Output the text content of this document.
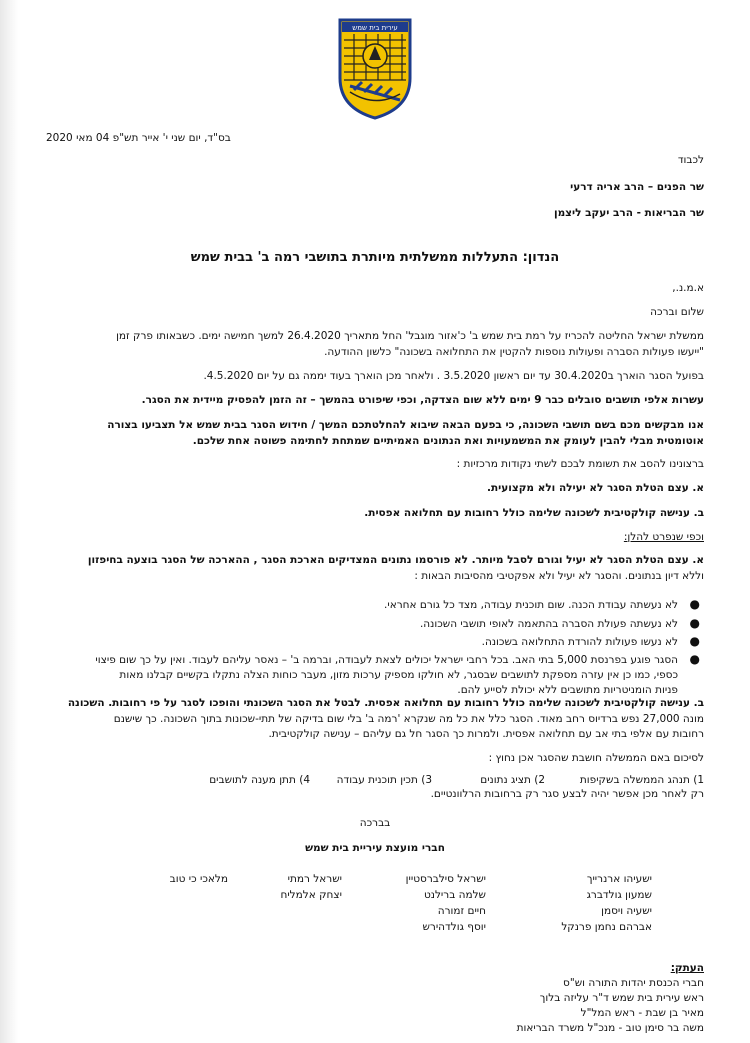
עירית בית שמש
בס"ד, יום שני י' אייר תש"פ 04 מאי 2020
לכבוד
שר הפנים – הרב אריה דרעי
שר הבריאות - הרב יעקב ליצמן
הנדון: התעללות ממשלתית מיותרת בתושבי רמה ב' בבית שמש
א.מ.נ.,
שלום וברכה
ממשלת ישראל החליטה להכריז על רמת בית שמש ב' כ'אזור מוגבל' החל מתאריך 26.4.2020 למשך חמישה ימים. כשבאותו פרק זמן
"ייעשו פעולות הסברה ופעולות נוספות להקטין את התחלואה בשכונה" כלשון ההודעה.
בפועל הסגר הוארך ב30.4.2020 עד יום ראשון 3.5.2020 . ולאחר מכן הוארך בעוד יממה גם על יום 4.5.2020.
עשרות אלפי תושבים סובלים כבר 9 ימים ללא שום הצדקה, וכפי שיפורט בהמשך – זה הזמן להפסיק מיידית את הסגר.
אנו מבקשים מכם בשם תושבי השכונה, כי בפעם הבאה שיבוא להחלטתכם המשך / חידוש הסגר בבית שמש אל תצביעו בצורה
אוטומטית מבלי להבין לעומק את המשמעויות ואת הנתונים האמיתיים שמתחת לחתימה פשוטה אחת שלכם.
ברצונינו להסב את תשומת לבכם לשתי נקודות מרכזיות :
א. עצם הטלת הסגר לא יעילה ולא מקצועית.
ב. ענישה קולקטיבית לשכונה שלימה כולל רחובות עם תחלואה אפסית.
וכפי שנפרט להלן:
א. עצם הטלת הסגר לא יעיל וגורם לסבל מיותר. לא פורסמו נתונים המצדיקים הארכת הסגר , ההארכה של הסגר בוצעה בחיפזון
וללא דיון בנתונים. והסגר לא יעיל ולא אפקטיבי מהסיבות הבאות :
●
לא נעשתה עבודת הכנה. שום תוכנית עבודה, מצד כל גורם אחראי.
●
לא נעשתה פעולת הסברה בהתאמה לאופי תושבי השכונה.
●
לא נעשו פעולות להורדת התחלואה בשכונה.
●
הסגר פוגע בפרנסת 5,000 בתי האב. בכל רחבי ישראל יכולים לצאת לעבודה, וברמה ב' – נאסר עליהם לעבוד. ואין על כך שום פיצוי
כספי, כמו כן אין עזרה מספקת לתושבים שבסגר, לא חולקו מספיק ערכות מזון, מעבר כוחות הצלה נתקלו בקשיים קבלנו מאות
פניות הומניטריות מתושבים ללא יכולת לסייע להם.
ב. ענישה קולקטיבית לשכונה שלימה כולל רחובות עם תחלואה אפסית. לבטל את הסגר השכונתי והופכו לסגר על פי רחובות. השכונה
מונה 27,000 נפש ברדיוס רחב מאוד. הסגר כלל את כל מה שנקרא 'רמה ב' בלי שום בדיקה של תתי-שכונות בתוך השכונה. כך שישנם
רחובות עם אלפי בתי אב עם תחלואה אפסית. ולמרות כך הסגר חל גם עליהם – ענישה קולקטיבית.
לסיכום באם הממשלה חושבת שהסגר אכן נחוץ :
1) תנהג הממשלה בשקיפות
2) תציג נתונים
3) תכין תוכנית עבודה
4) תתן מענה לתושבים
רק לאחר מכן אפשר יהיה לבצע סגר רק ברחובות הרלוונטיים.
בברכה
חברי מועצת עיריית בית שמש
ישעיהו ארנרייך
שמעון גולדברג
ישעיה ויסמן
אברהם נחמן פרנקל
ישראל סילברסטיין
שלמה ברילנט
חיים זמורה
יוסף גולדהירש
ישראל רמתי
יצחק אלמליח
מלאכי כי טוב
העתק:
חברי הכנסת יהדות התורה וש"ס
ראש עירית בית שמש ד"ר עליזה בלוך
מאיר בן שבת - ראש המל"ל
משה בר סימן טוב - מנכ"ל משרד הבריאות
